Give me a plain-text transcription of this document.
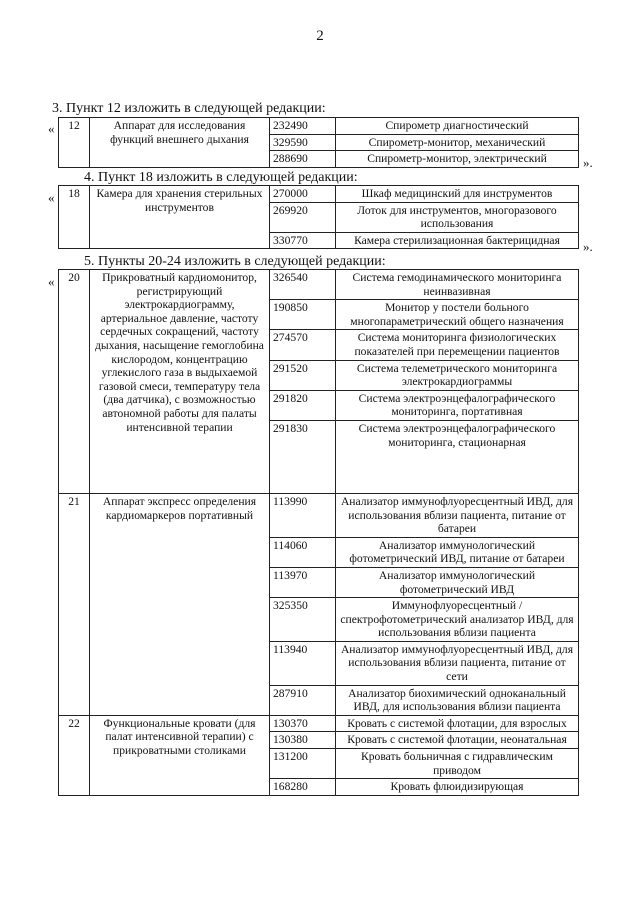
2
3. Пункт 12 изложить в следующей редакции:
« 12	Аппарат для исследования функций внешнего дыхания	232490	Спирометр диагностический
		329590	Спирометр-монитор, механический
		288690	Спирометр-монитор, электрический	».
4. Пункт 18 изложить в следующей редакции:
« 18	Камера для хранения стерильных инструментов	270000	Шкаф медицинский для инструментов
		269920	Лоток для инструментов, многоразового использования
		330770	Камера стерилизационная бактерицидная ».
5. Пункты 20-24 изложить в следующей редакции:
« 20	Прикроватный кардиомонитор, регистрирующий электрокардиограмму, артериальное давление, частоту сердечных сокращений, частоту дыхания, насыщение гемоглобина кислородом, концентрацию углекислого газа в выдыхаемой газовой смеси, температуру тела (два датчика), с возможностью автономной работы для палаты интенсивной терапии	326540	Система гемодинамического мониторинга неинвазивная
		190850	Монитор у постели больного многопараметрический общего назначения
		274570	Система мониторинга физиологических показателей при перемещении пациентов
		291520	Система телеметрического мониторинга электрокардиограммы
		291820	Система электроэнцефалографического мониторинга, портативная
		291830	Система электроэнцефалографического мониторинга, стационарная
21	Аппарат экспресс определения кардиомаркеров портативный	113990	Анализатор иммунофлуоресцентный ИВД, для использования вблизи пациента, питание от батареи
		114060	Анализатор иммунологический фотометрический ИВД, питание от батареи
		113970	Анализатор иммунологический фотометрический ИВД
		325350	Иммунофлуоресцентный /спектрофотометрический анализатор ИВД, для использования вблизи пациента
		113940	Анализатор иммунофлуоресцентный ИВД, для использования вблизи пациента, питание от сети
		287910	Анализатор биохимический одноканальный ИВД, для использования вблизи пациента
22	Функциональные кровати (для палат интенсивной терапии) с прикроватными столиками	130370	Кровать с системой флотации, для взрослых
		130380	Кровать с системой флотации, неонатальная
		131200	Кровать больничная с гидравлическим приводом
		168280	Кровать флюидизирующая
